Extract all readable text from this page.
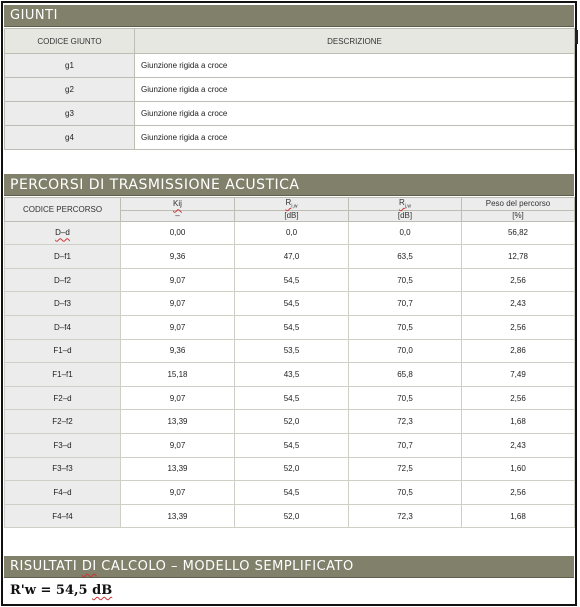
GIUNTI
CODICE GIUNTO	DESCRIZIONE
g1	Giunzione rigida a croce
g2	Giunzione rigida a croce
g3	Giunzione rigida a croce
g4	Giunzione rigida a croce
PERCORSI DI TRASMISSIONE ACUSTICA
CODICE PERCORSO	Kij	$R_{i,w}$	$R_{j,w}$	Peso del percorso
	–	[dB]	[dB]	[%]
D–d	0,00	0,0	0,0	56,82
D–f1	9,36	47,0	63,5	12,78
D–f2	9,07	54,5	70,5	2,56
D–f3	9,07	54,5	70,7	2,43
D–f4	9,07	54,5	70,5	2,56
F1–d	9,36	53,5	70,0	2,86
F1–f1	15,18	43,5	65,8	7,49
F2–d	9,07	54,5	70,5	2,56
F2–f2	13,39	52,0	72,3	1,68
F3–d	9,07	54,5	70,7	2,43
F3–f3	13,39	52,0	72,5	1,60
F4–d	9,07	54,5	70,5	2,56
F4–f4	13,39	52,0	72,3	1,68
RISULTATI DI CALCOLO – MODELLO SEMPLIFICATO
R'w = 54,5 dB
